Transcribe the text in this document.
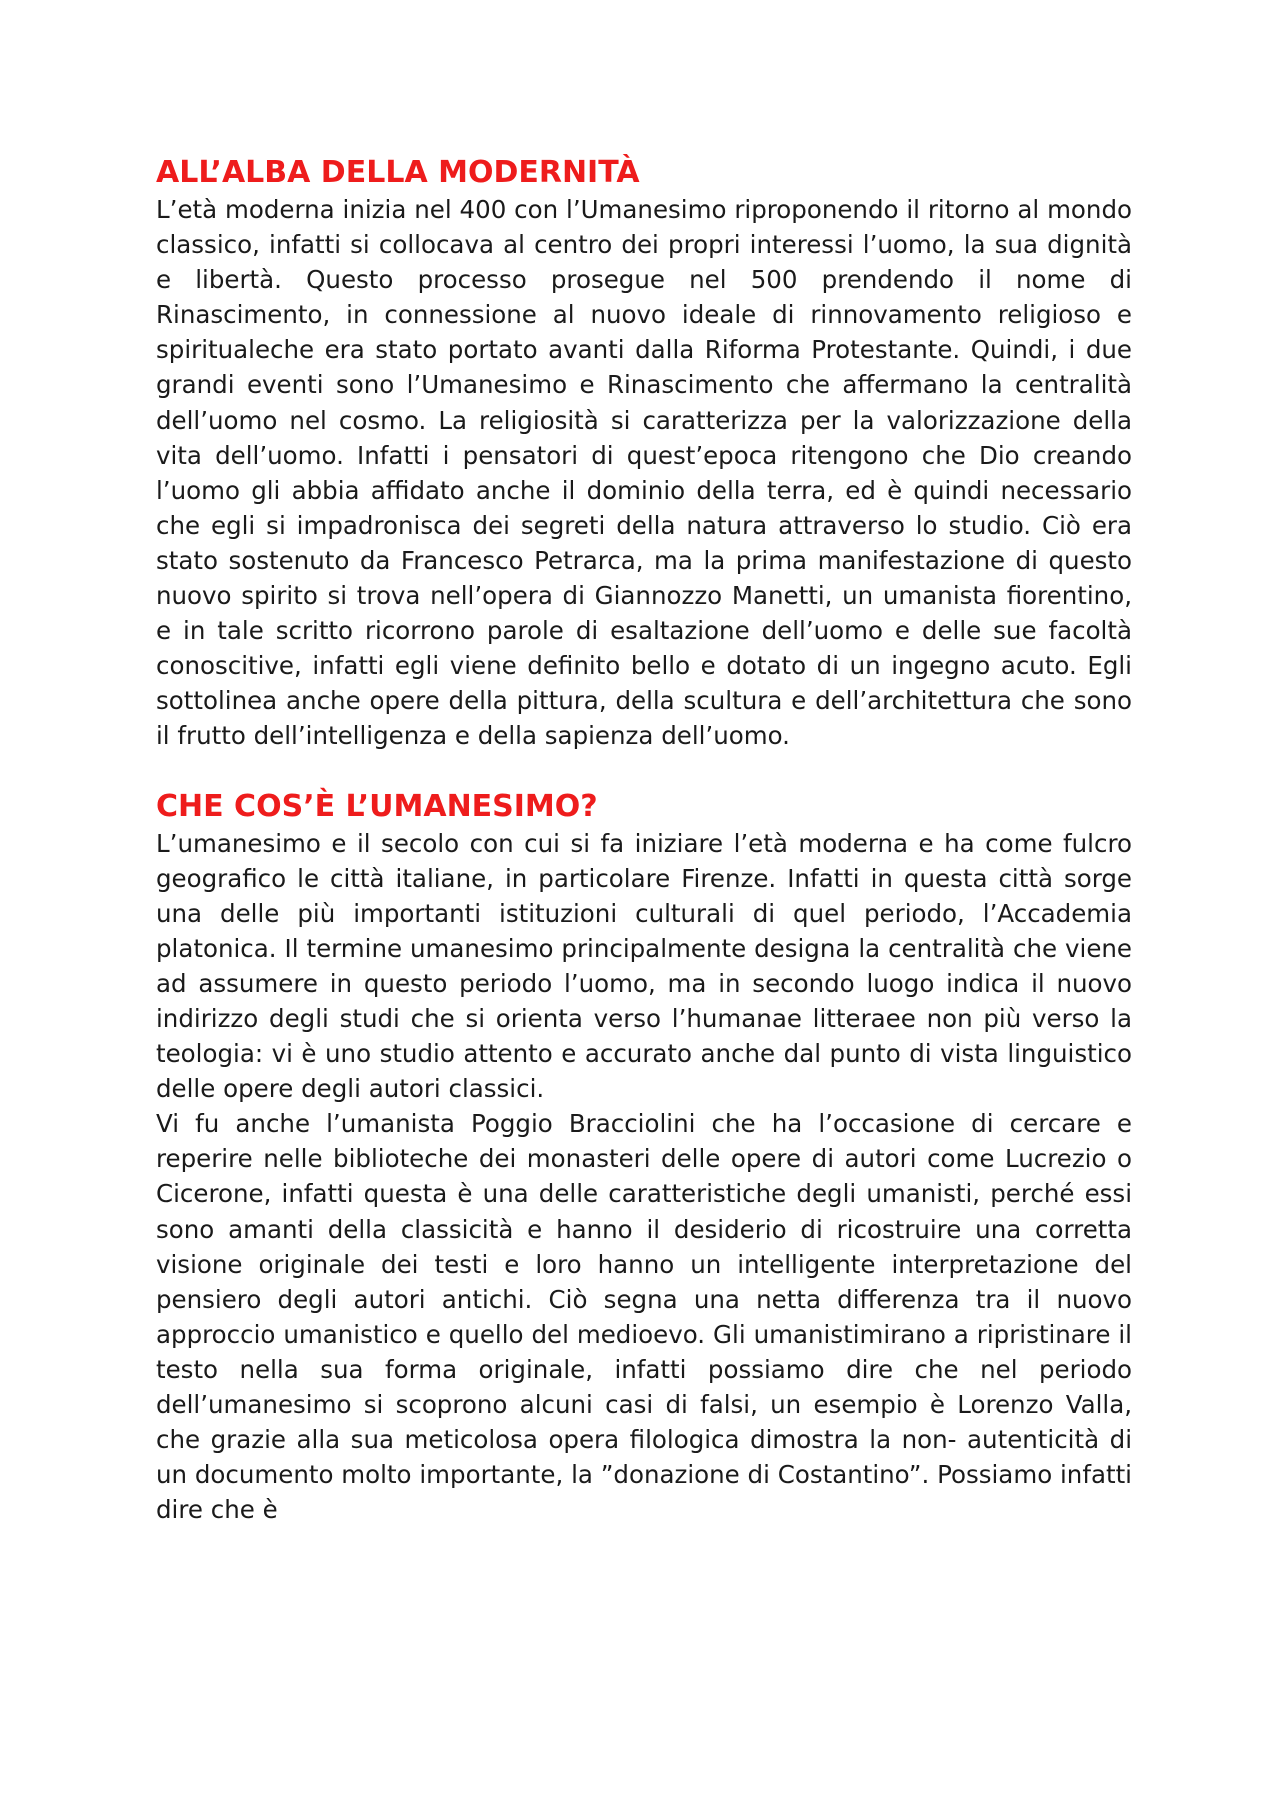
ALL’ALBA DELLA MODERNITÀ

L’età moderna inizia nel 400 con l’Umanesimo riproponendo il ritorno al mondo classico, infatti si collocava al centro dei propri interessi l’uomo, la sua dignità e libertà. Questo processo prosegue nel 500 prendendo il nome di Rinascimento, in connessione al nuovo ideale di rinnovamento religioso e spiritualeche era stato portato avanti dalla Riforma Protestante. Quindi, i due grandi eventi sono l’Umanesimo e Rinascimento che affermano la centralità dell’uomo nel cosmo. La religiosità si caratterizza per la valorizzazione della vita dell’uomo. Infatti i pensatori di quest’epoca ritengono che Dio creando l’uomo gli abbia affidato anche il dominio della terra, ed è quindi necessario che egli si impadronisca dei segreti della natura attraverso lo studio. Ciò era stato sostenuto da Francesco Petrarca, ma la prima manifestazione di questo nuovo spirito si trova nell’opera di Giannozzo Manetti, un umanista fiorentino, e in tale scritto ricorrono parole di esaltazione dell’uomo e delle sue facoltà conoscitive, infatti egli viene definito bello e dotato di un ingegno acuto. Egli sottolinea anche opere della pittura, della scultura e dell’architettura che sono il frutto dell’intelligenza e della sapienza dell’uomo.

CHE COS’È L’UMANESIMO?

L’umanesimo e il secolo con cui si fa iniziare l’età moderna e ha come fulcro geografico le città italiane, in particolare Firenze. Infatti in questa città sorge una delle più importanti istituzioni culturali di quel periodo, l’Accademia platonica. Il termine umanesimo principalmente designa la centralità che viene ad assumere in questo periodo l’uomo, ma in secondo luogo indica il nuovo indirizzo degli studi che si orienta verso l’humanae litteraee non più verso la teologia: vi è uno studio attento e accurato anche dal punto di vista linguistico delle opere degli autori classici.

Vi fu anche l’umanista Poggio Bracciolini che ha l’occasione di cercare e reperire nelle biblioteche dei monasteri delle opere di autori come Lucrezio o Cicerone, infatti questa è una delle caratteristiche degli umanisti, perché essi sono amanti della classicità e hanno il desiderio di ricostruire una corretta visione originale dei testi e loro hanno un intelligente interpretazione del pensiero degli autori antichi. Ciò segna una netta differenza tra il nuovo approccio umanistico e quello del medioevo. Gli umanistimirano a ripristinare il testo nella sua forma originale, infatti possiamo dire che nel periodo dell’umanesimo si scoprono alcuni casi di falsi, un esempio è Lorenzo Valla, che grazie alla sua meticolosa opera filologica dimostra la non- autenticità di un documento molto importante, la ”donazione di Costantino”. Possiamo infatti dire che è
